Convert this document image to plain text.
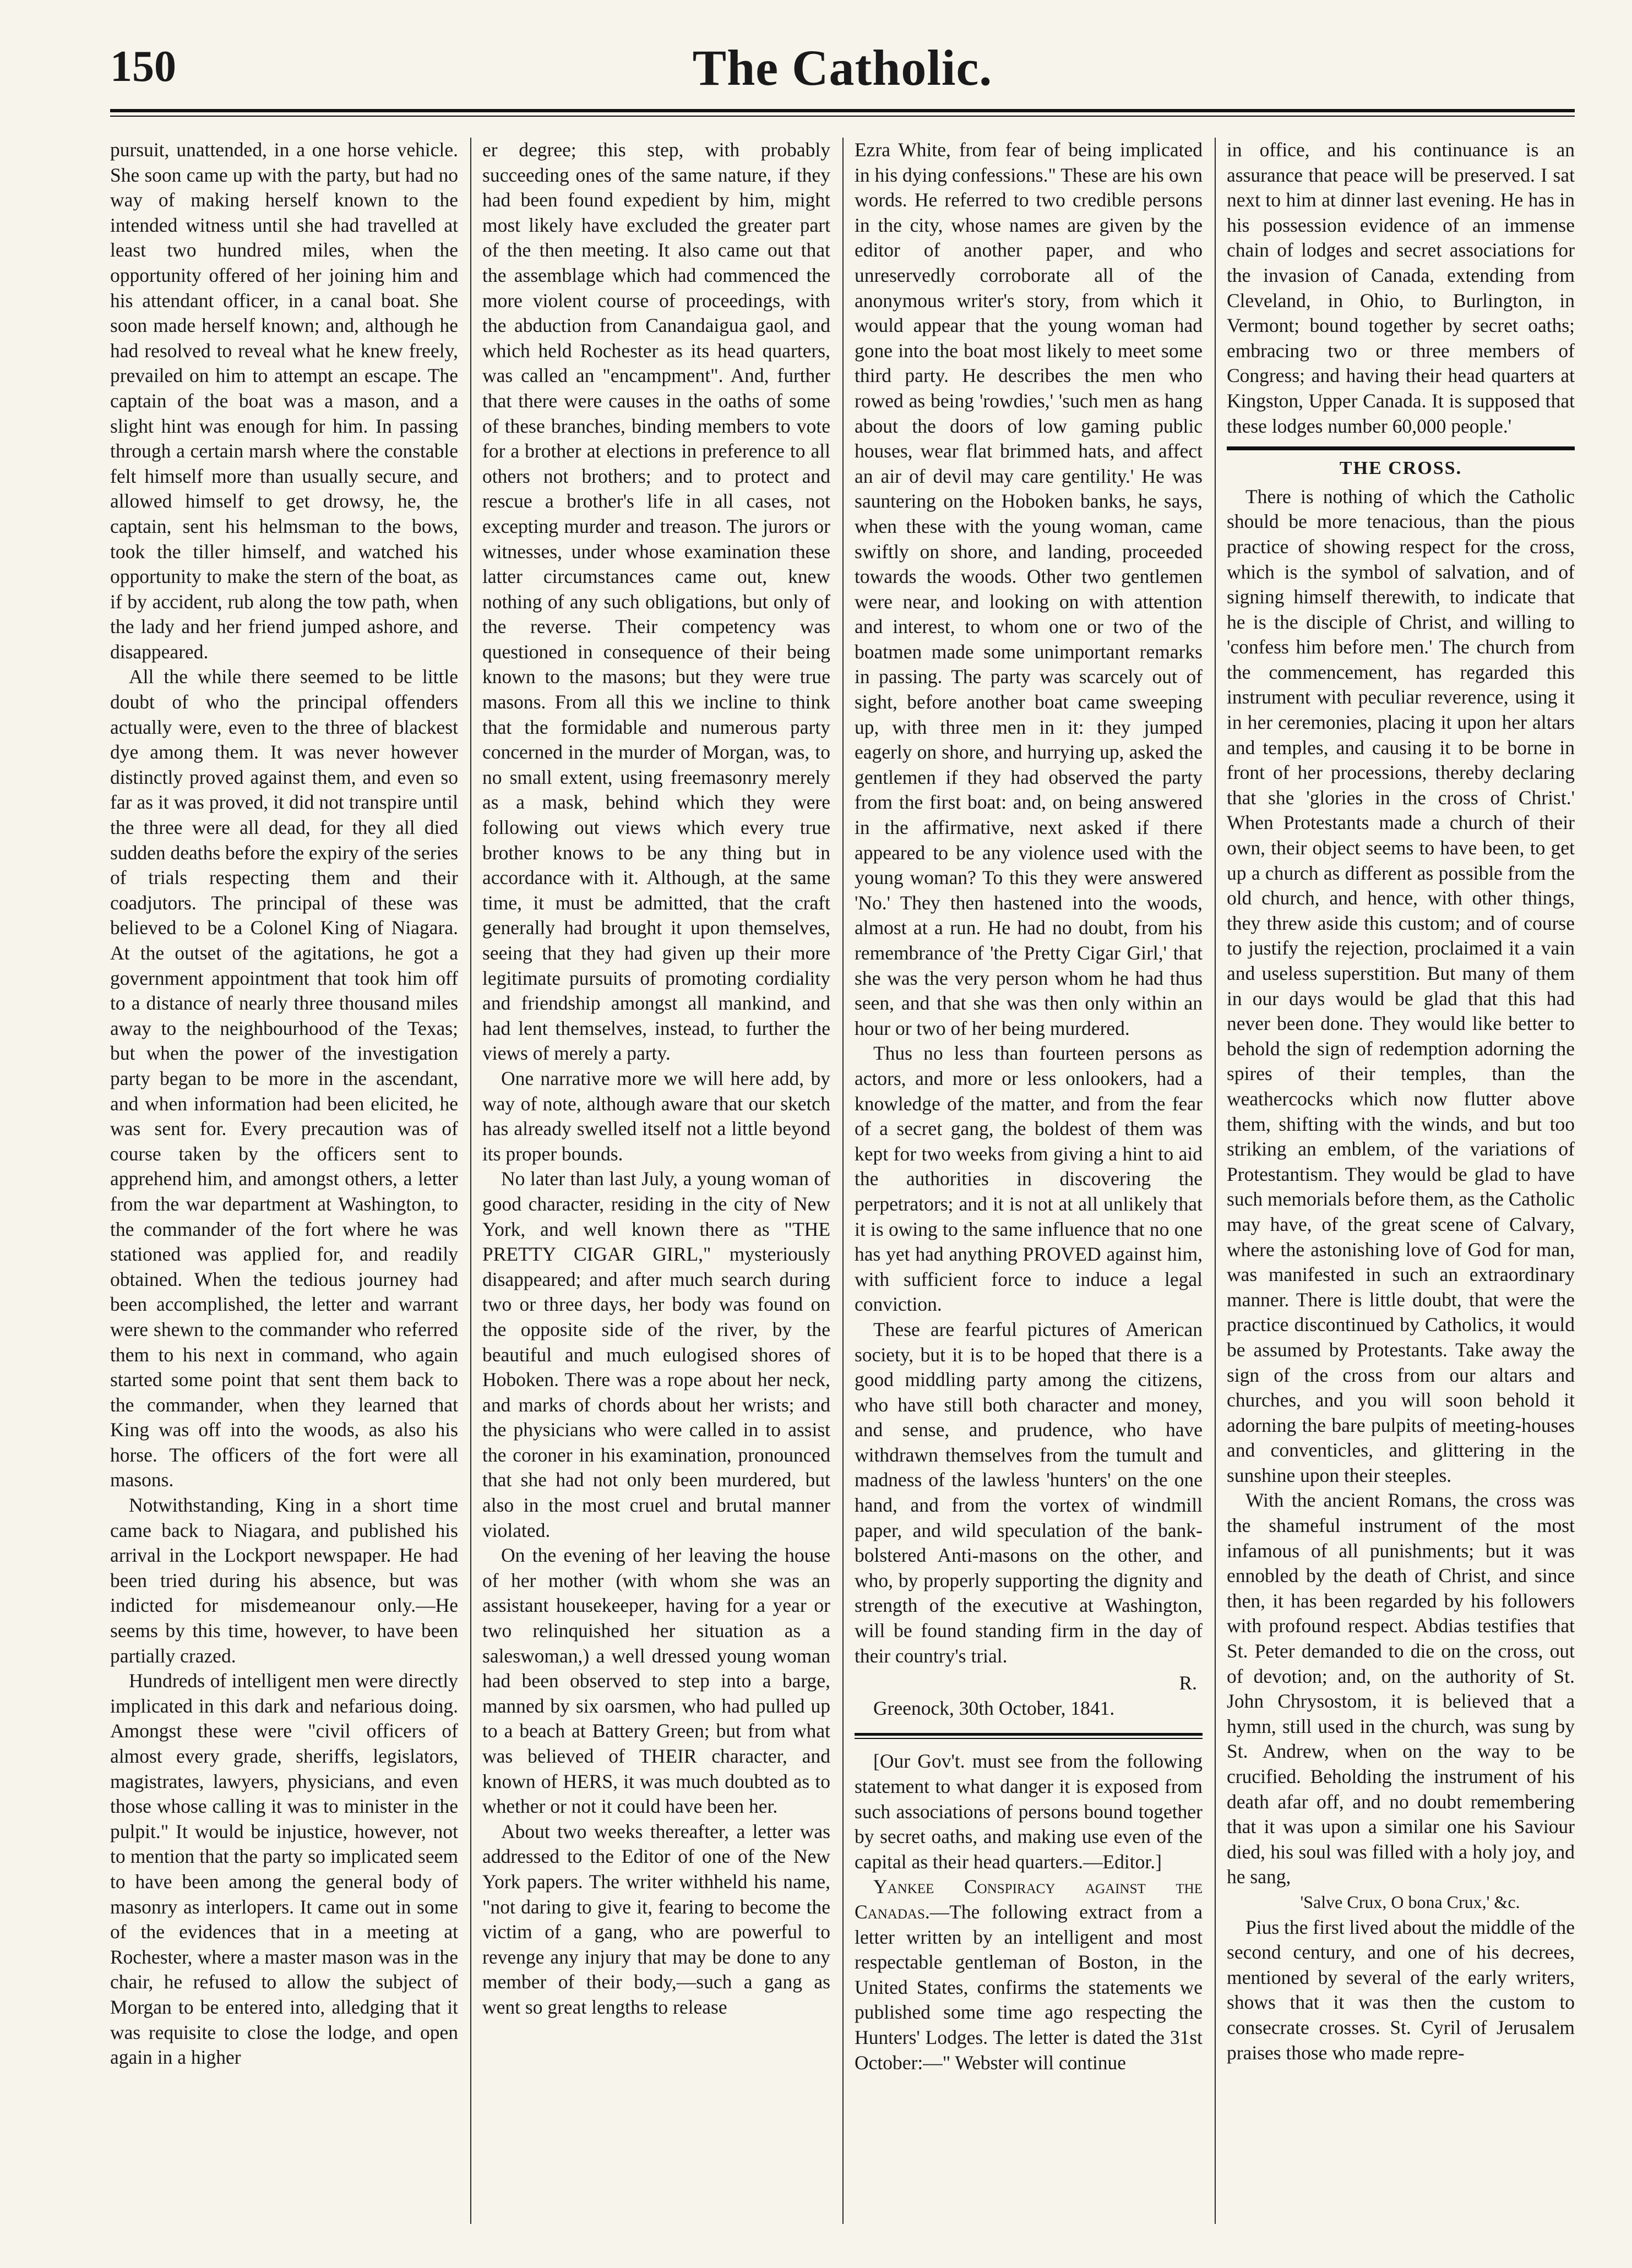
150	The Catholic.

pursuit, unattended, in a one horse vehicle. She soon came up with the party, but had no way of making herself known to the intended witness until she had travelled at least two hundred miles, when the opportunity offered of her joining him and his attendant officer, in a canal boat. She soon made herself known; and, although he had resolved to reveal what he knew freely, prevailed on him to attempt an escape. The captain of the boat was a mason, and a slight hint was enough for him. In passing through a certain marsh where the constable felt himself more than usually secure, and allowed himself to get drowsy, he, the captain, sent his helmsman to the bows, took the tiller himself, and watched his opportunity to make the stern of the boat, as if by accident, rub along the tow path, when the lady and her friend jumped ashore, and disappeared.

All the while there seemed to be little doubt of who the principal offenders actually were, even to the three of blackest dye among them. It was never however distinctly proved against them, and even so far as it was proved, it did not transpire until the three were all dead, for they all died sudden deaths before the expiry of the series of trials respecting them and their coadjutors. The principal of these was believed to be a Colonel King of Niagara. At the outset of the agitations, he got a government appointment that took him off to a distance of nearly three thousand miles away to the neighbourhood of the Texas; but when the power of the investigation party began to be more in the ascendant, and when information had been elicited, he was sent for. Every precaution was of course taken by the officers sent to apprehend him, and amongst others, a letter from the war department at Washington, to the commander of the fort where he was stationed was applied for, and readily obtained. When the tedious journey had been accomplished, the letter and warrant were shewn to the commander who referred them to his next in command, who again started some point that sent them back to the commander, when they learned that King was off into the woods, as also his horse. The officers of the fort were all masons.

Notwithstanding, King in a short time came back to Niagara, and published his arrival in the Lockport newspaper. He had been tried during his absence, but was indicted for misdemeanour only.—He seems by this time, however, to have been partially crazed.

Hundreds of intelligent men were directly implicated in this dark and nefarious doing. Amongst these were "civil officers of almost every grade, sheriffs, legislators, magistrates, lawyers, physicians, and even those whose calling it was to minister in the pulpit." It would be injustice, however, not to mention that the party so implicated seem to have been among the general body of masonry as interlopers. It came out in some of the evidences that in a meeting at Rochester, where a master mason was in the chair, he refused to allow the subject of Morgan to be entered into, alledging that it was requisite to close the lodge, and open again in a higher

er degree; this step, with probably succeeding ones of the same nature, if they had been found expedient by him, might most likely have excluded the greater part of the then meeting. It also came out that the assemblage which had commenced the more violent course of proceedings, with the abduction from Canandaigua gaol, and which held Rochester as its head quarters, was called an "encampment". And, further that there were causes in the oaths of some of these branches, binding members to vote for a brother at elections in preference to all others not brothers; and to protect and rescue a brother's life in all cases, not excepting murder and treason. The jurors or witnesses, under whose examination these latter circumstances came out, knew nothing of any such obligations, but only of the reverse. Their competency was questioned in consequence of their being known to the masons; but they were true masons. From all this we incline to think that the formidable and numerous party concerned in the murder of Morgan, was, to no small extent, using freemasonry merely as a mask, behind which they were following out views which every true brother knows to be any thing but in accordance with it. Although, at the same time, it must be admitted, that the craft generally had brought it upon themselves, seeing that they had given up their more legitimate pursuits of promoting cordiality and friendship amongst all mankind, and had lent themselves, instead, to further the views of merely a party.

One narrative more we will here add, by way of note, although aware that our sketch has already swelled itself not a little beyond its proper bounds.

No later than last July, a young woman of good character, residing in the city of New York, and well known there as "THE PRETTY CIGAR GIRL," mysteriously disappeared; and after much search during two or three days, her body was found on the opposite side of the river, by the beautiful and much eulogised shores of Hoboken. There was a rope about her neck, and marks of chords about her wrists; and the physicians who were called in to assist the coroner in his examination, pronounced that she had not only been murdered, but also in the most cruel and brutal manner violated.

On the evening of her leaving the house of her mother (with whom she was an assistant housekeeper, having for a year or two relinquished her situation as a saleswoman,) a well dressed young woman had been observed to step into a barge, manned by six oarsmen, who had pulled up to a beach at Battery Green; but from what was believed of THEIR character, and known of HERS, it was much doubted as to whether or not it could have been her.

About two weeks thereafter, a letter was addressed to the Editor of one of the New York papers. The writer withheld his name, "not daring to give it, fearing to become the victim of a gang, who are powerful to revenge any injury that may be done to any member of their body,—such a gang as went so great lengths to release

Ezra White, from fear of being implicated in his dying confessions." These are his own words. He referred to two credible persons in the city, whose names are given by the editor of another paper, and who unreservedly corroborate all of the anonymous writer's story, from which it would appear that the young woman had gone into the boat most likely to meet some third party. He describes the men who rowed as being 'rowdies,' 'such men as hang about the doors of low gaming public houses, wear flat brimmed hats, and affect an air of devil may care gentility.' He was sauntering on the Hoboken banks, he says, when these with the young woman, came swiftly on shore, and landing, proceeded towards the woods. Other two gentlemen were near, and looking on with attention and interest, to whom one or two of the boatmen made some unimportant remarks in passing. The party was scarcely out of sight, before another boat came sweeping up, with three men in it: they jumped eagerly on shore, and hurrying up, asked the gentlemen if they had observed the party from the first boat: and, on being answered in the affirmative, next asked if there appeared to be any violence used with the young woman? To this they were answered 'No.' They then hastened into the woods, almost at a run. He had no doubt, from his remembrance of 'the Pretty Cigar Girl,' that she was the very person whom he had thus seen, and that she was then only within an hour or two of her being murdered.

Thus no less than fourteen persons as actors, and more or less onlookers, had a knowledge of the matter, and from the fear of a secret gang, the boldest of them was kept for two weeks from giving a hint to aid the authorities in discovering the perpetrators; and it is not at all unlikely that it is owing to the same influence that no one has yet had anything PROVED against him, with sufficient force to induce a legal conviction.

These are fearful pictures of American society, but it is to be hoped that there is a good middling party among the citizens, who have still both character and money, and sense, and prudence, who have withdrawn themselves from the tumult and madness of the lawless 'hunters' on the one hand, and from the vortex of windmill paper, and wild speculation of the bank-bolstered Anti-masons on the other, and who, by properly supporting the dignity and strength of the executive at Washington, will be found standing firm in the day of their country's trial.

R.

Greenock, 30th October, 1841.

[Our Gov't. must see from the following statement to what danger it is exposed from such associations of persons bound together by secret oaths, and making use even of the capital as their head quarters.—Editor.]

Yankee Conspiracy against the Canadas.—The following extract from a letter written by an intelligent and most respectable gentleman of Boston, in the United States, confirms the statements we published some time ago respecting the Hunters' Lodges. The letter is dated the 31st October:—" Webster will continue

in office, and his continuance is an assurance that peace will be preserved. I sat next to him at dinner last evening. He has in his possession evidence of an immense chain of lodges and secret associations for the invasion of Canada, extending from Cleveland, in Ohio, to Burlington, in Vermont; bound together by secret oaths; embracing two or three members of Congress; and having their head quarters at Kingston, Upper Canada. It is supposed that these lodges number 60,000 people.'

THE CROSS.

There is nothing of which the Catholic should be more tenacious, than the pious practice of showing respect for the cross, which is the symbol of salvation, and of signing himself therewith, to indicate that he is the disciple of Christ, and willing to 'confess him before men.' The church from the commencement, has regarded this instrument with peculiar reverence, using it in her ceremonies, placing it upon her altars and temples, and causing it to be borne in front of her processions, thereby declaring that she 'glories in the cross of Christ.' When Protestants made a church of their own, their object seems to have been, to get up a church as different as possible from the old church, and hence, with other things, they threw aside this custom; and of course to justify the rejection, proclaimed it a vain and useless superstition. But many of them in our days would be glad that this had never been done. They would like better to behold the sign of redemption adorning the spires of their temples, than the weathercocks which now flutter above them, shifting with the winds, and but too striking an emblem, of the variations of Protestantism. They would be glad to have such memorials before them, as the Catholic may have, of the great scene of Calvary, where the astonishing love of God for man, was manifested in such an extraordinary manner. There is little doubt, that were the practice discontinued by Catholics, it would be assumed by Protestants. Take away the sign of the cross from our altars and churches, and you will soon behold it adorning the bare pulpits of meeting-houses and conventicles, and glittering in the sunshine upon their steeples.

With the ancient Romans, the cross was the shameful instrument of the most infamous of all punishments; but it was ennobled by the death of Christ, and since then, it has been regarded by his followers with profound respect. Abdias testifies that St. Peter demanded to die on the cross, out of devotion; and, on the authority of St. John Chrysostom, it is believed that a hymn, still used in the church, was sung by St. Andrew, when on the way to be crucified. Beholding the instrument of his death afar off, and no doubt remembering that it was upon a similar one his Saviour died, his soul was filled with a holy joy, and he sang,

'Salve Crux, O bona Crux,' &c.

Pius the first lived about the middle of the second century, and one of his decrees, mentioned by several of the early writers, shows that it was then the custom to consecrate crosses. St. Cyril of Jerusalem praises those who made repre-
